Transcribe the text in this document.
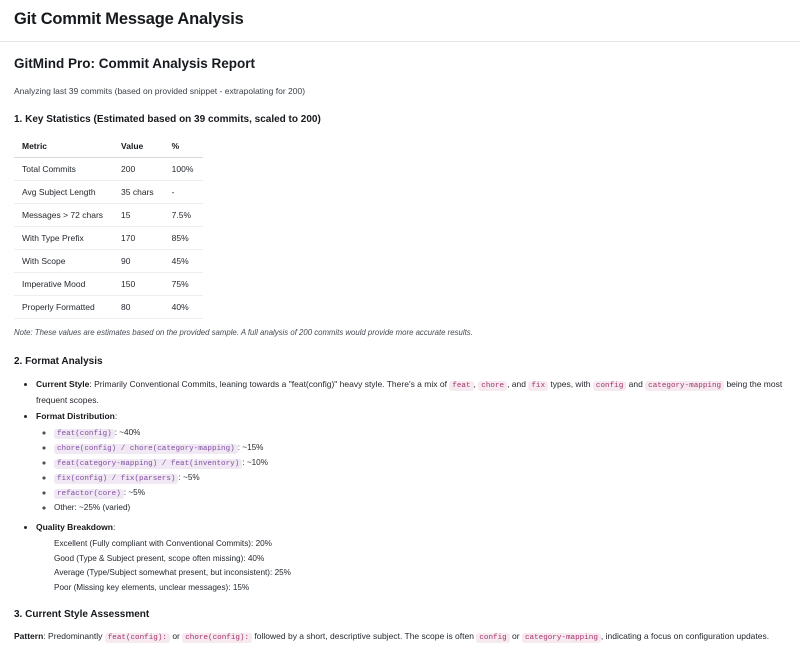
Git Commit Message Analysis
GitMind Pro: Commit Analysis Report

Analyzing last 39 commits (based on provided snippet - extrapolating for 200)

1. Key Statistics (Estimated based on 39 commits, scaled to 200)
Metric	Value	%
Total Commits	200	100%
Avg Subject Length	35 chars	-
Messages > 72 chars	15	7.5%
With Type Prefix	170	85%
With Scope	90	45%
Imperative Mood	150	75%
Properly Formatted	80	40%

Note: These values are estimates based on the provided sample. A full analysis of 200 commits would provide more accurate results.

2. Format Analysis
• Current Style: Primarily Conventional Commits, leaning towards a "feat(config)" heavy style. There's a mix of feat , chore , and fix types, with config and category-mapping being the most frequent scopes.
• Format Distribution:
◦ feat(config) : ~40%
◦ chore(config) / chore(category-mapping) : ~15%
◦ feat(category-mapping) / feat(inventory) : ~10%
◦ fix(config) / fix(parsers) : ~5%
◦ refactor(core) : ~5%
◦ Other: ~25% (varied)
• Quality Breakdown:
Excellent (Fully compliant with Conventional Commits): 20%
Good (Type & Subject present, scope often missing): 40%
Average (Type/Subject somewhat present, but inconsistent): 25%
Poor (Missing key elements, unclear messages): 15%
3. Current Style Assessment

Pattern: Predominantly feat(config): or chore(config): followed by a short, descriptive subject. The scope is often config or category-mapping , indicating a focus on configuration updates.
